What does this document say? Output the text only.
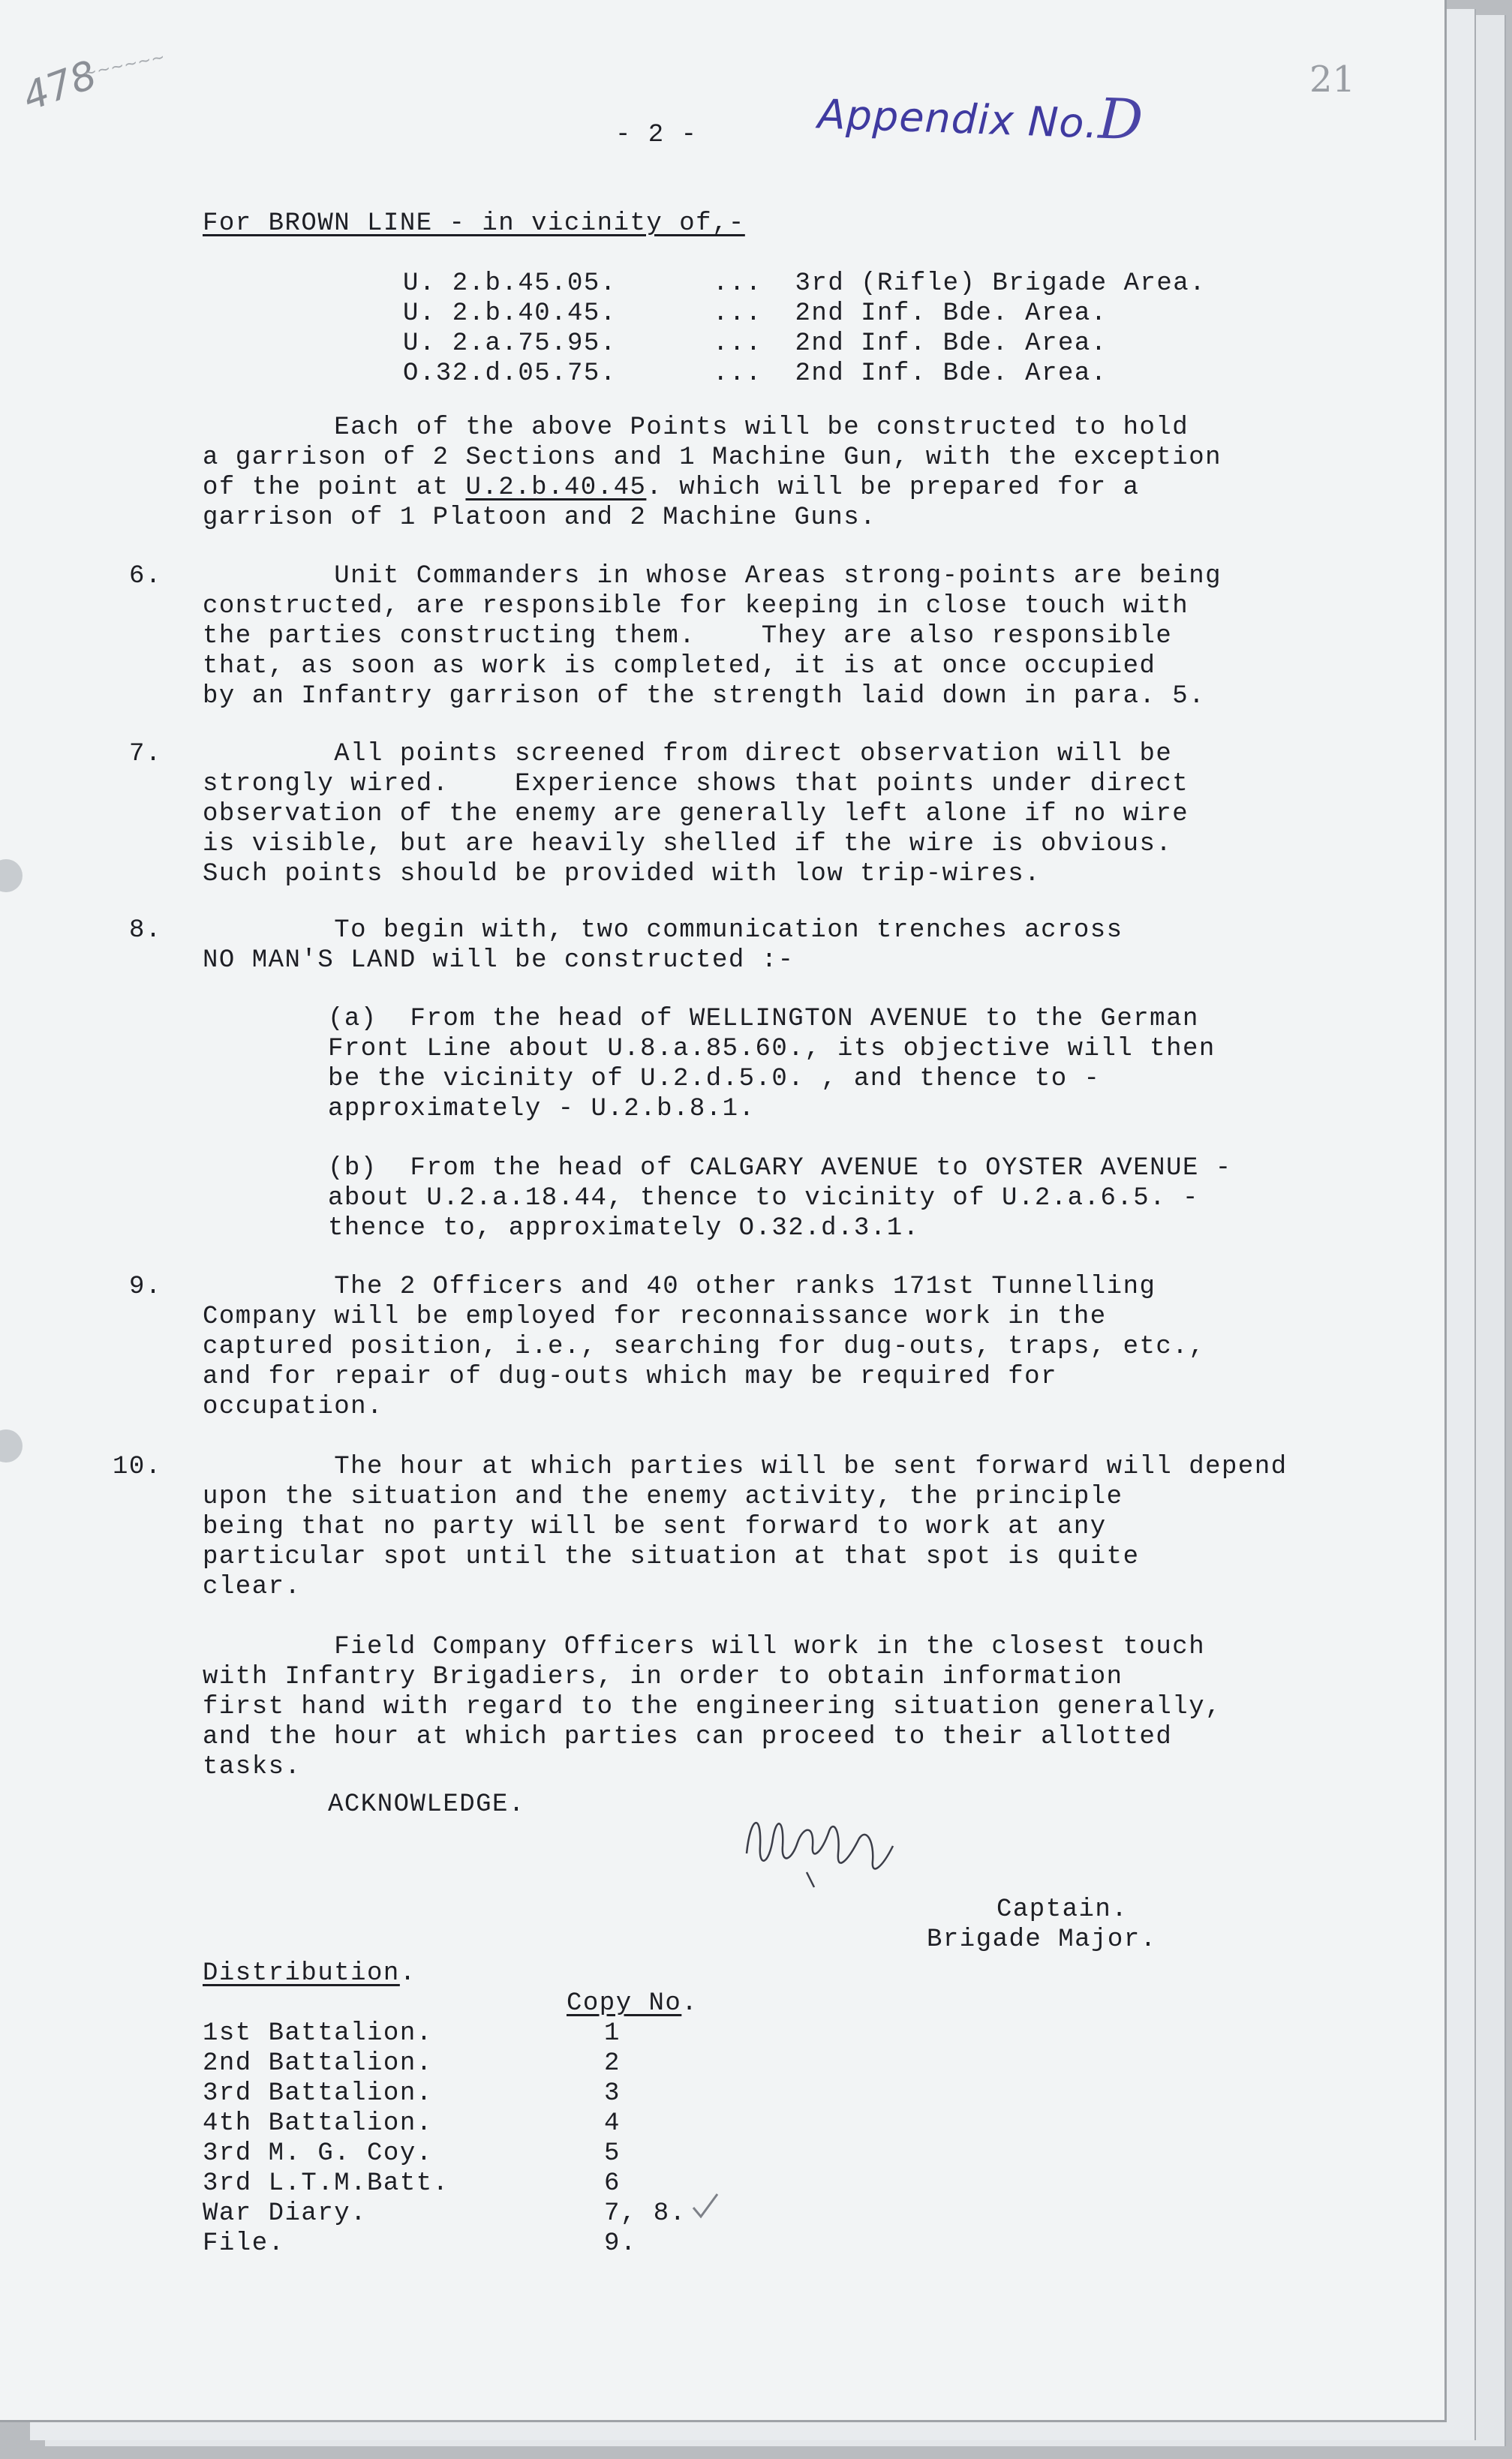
478
~~~~~~	21
Appendix No.D
- 2 -
For BROWN LINE - in vicinity of,-
U. 2.b.45.05.	...  3rd (Rifle) Brigade Area.
U. 2.b.40.45.	...  2nd Inf. Bde. Area.
U. 2.a.75.95.	...  2nd Inf. Bde. Area.
O.32.d.05.75.	...  2nd Inf. Bde. Area.
Each of the above Points will be constructed to hold
a garrison of 2 Sections and 1 Machine Gun, with the exception
of the point at U.2.b.40.45. which will be prepared for a
garrison of 1 Platoon and 2 Machine Guns.
6. Unit Commanders in whose Areas strong-points are being
constructed, are responsible for keeping in close touch with
the parties constructing them.    They are also responsible
that, as soon as work is completed, it is at once occupied
by an Infantry garrison of the strength laid down in para. 5.
7. All points screened from direct observation will be
strongly wired.    Experience shows that points under direct
observation of the enemy are generally left alone if no wire
is visible, but are heavily shelled if the wire is obvious.
Such points should be provided with low trip-wires.
8. To begin with, two communication trenches across
NO MAN'S LAND will be constructed :-
(a)  From the head of WELLINGTON AVENUE to the German
Front Line about U.8.a.85.60., its objective will then
be the vicinity of U.2.d.5.0. , and thence to -
approximately - U.2.b.8.1.
(b)  From the head of CALGARY AVENUE to OYSTER AVENUE -
about U.2.a.18.44, thence to vicinity of U.2.a.6.5. -
thence to, approximately O.32.d.3.1.
9. The 2 Officers and 40 other ranks 171st Tunnelling
Company will be employed for reconnaissance work in the
captured position, i.e., searching for dug-outs, traps, etc.,
and for repair of dug-outs which may be required for
occupation.
10. The hour at which parties will be sent forward will depend
upon the situation and the enemy activity, the principle
being that no party will be sent forward to work at any
particular spot until the situation at that spot is quite
clear.
Field Company Officers will work in the closest touch
with Infantry Brigadiers, in order to obtain information
first hand with regard to the engineering situation generally,
and the hour at which parties can proceed to their allotted
tasks.
ACKNOWLEDGE.
Captain.
Brigade Major.
Distribution.
Copy No.
1st Battalion.	1
2nd Battalion.	2
3rd Battalion.	3
4th Battalion.	4
3rd M. G. Coy.	5
3rd L.T.M.Batt.	6
War Diary.	7, 8.
File.	9.
